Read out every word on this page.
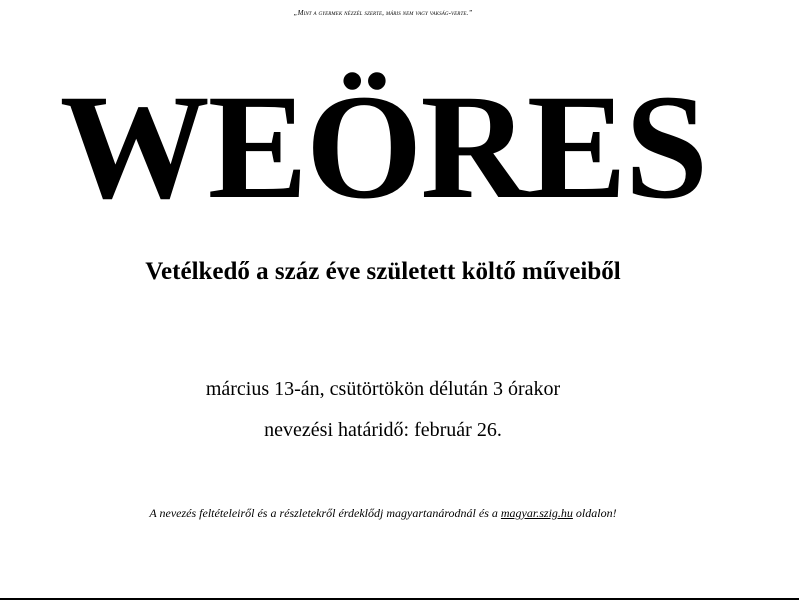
„Mint a gyermek nézzél szerte, máris nem vagy vakság-verte.”
WEÖRES
Vetélkedő a száz éve született költő műveiből
március 13-án, csütörtökön délután 3 órakor
nevezési határidő: február 26.
A nevezés feltételeiről és a részletekről érdeklődj magyartanárodnál és a magyar.szig.hu oldalon!
